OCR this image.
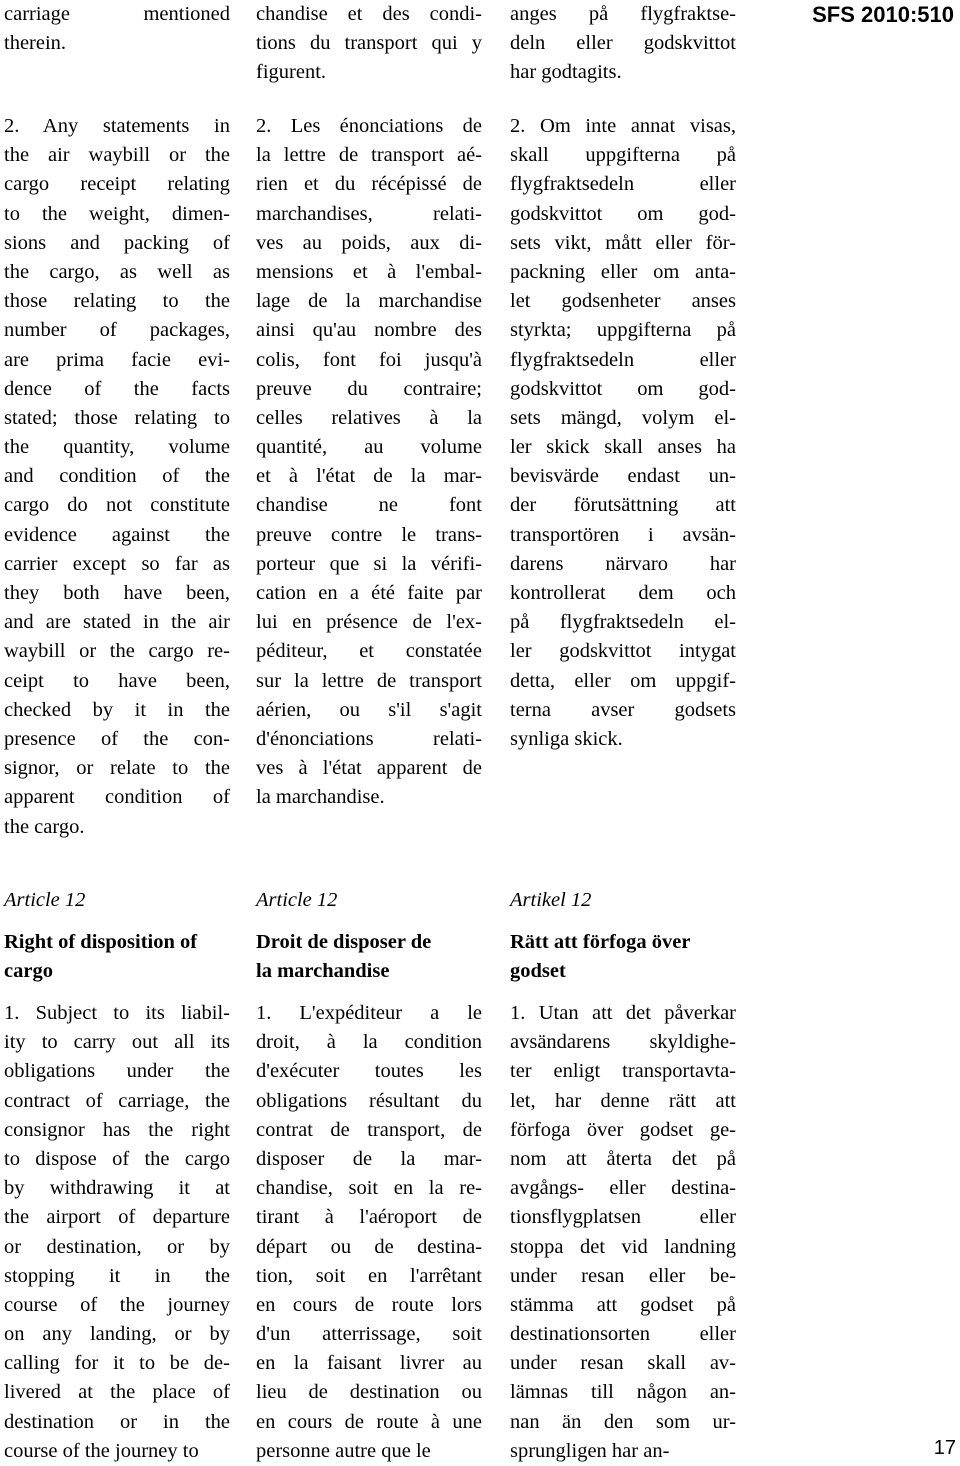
SFS 2010:510
17
carriage mentioned
therein.
2. Any statements in
the air waybill or the
cargo receipt relating
to the weight, dimen-
sions and packing of
the cargo, as well as
those relating to the
number of packages,
are prima facie evi-
dence of the facts
stated; those relating to
the quantity, volume
and condition of the
cargo do not constitute
evidence against the
carrier except so far as
they both have been,
and are stated in the air
waybill or the cargo re-
ceipt to have been,
checked by it in the
presence of the con-
signor, or relate to the
apparent condition of
the cargo.
Article 12
Right of disposition of
cargo
1. Subject to its liabil-
ity to carry out all its
obligations under the
contract of carriage, the
consignor has the right
to dispose of the cargo
by withdrawing it at
the airport of departure
or destination, or by
stopping it in the
course of the journey
on any landing, or by
calling for it to be de-
livered at the place of
destination or in the
course of the journey to
chandise et des condi-
tions du transport qui y
figurent.
2. Les énonciations de
la lettre de transport aé-
rien et du récépissé de
marchandises, relati-
ves au poids, aux di-
mensions et à l'embal-
lage de la marchandise
ainsi qu'au nombre des
colis, font foi jusqu'à
preuve du contraire;
celles relatives à la
quantité, au volume
et à l'état de la mar-
chandise ne font
preuve contre le trans-
porteur que si la vérifi-
cation en a été faite par
lui en présence de l'ex-
péditeur, et constatée
sur la lettre de transport
aérien, ou s'il s'agit
d'énonciations relati-
ves à l'état apparent de
la marchandise.
Article 12
Droit de disposer de
la marchandise
1. L'expéditeur a le
droit, à la condition
d'exécuter toutes les
obligations résultant du
contrat de transport, de
disposer de la mar-
chandise, soit en la re-
tirant à l'aéroport de
départ ou de destina-
tion, soit en l'arrêtant
en cours de route lors
d'un atterrissage, soit
en la faisant livrer au
lieu de destination ou
en cours de route à une
personne autre que le
anges på flygfraktse-
deln eller godskvittot
har godtagits.
2. Om inte annat visas,
skall uppgifterna på
flygfraktsedeln eller
godskvittot om god-
sets vikt, mått eller för-
packning eller om anta-
let godsenheter anses
styrkta; uppgifterna på
flygfraktsedeln eller
godskvittot om god-
sets mängd, volym el-
ler skick skall anses ha
bevisvärde endast un-
der förutsättning att
transportören i avsän-
darens närvaro har
kontrollerat dem och
på flygfraktsedeln el-
ler godskvittot intygat
detta, eller om uppgif-
terna avser godsets
synliga skick.
Artikel 12
Rätt att förfoga över
godset
1. Utan att det påverkar
avsändarens skyldighe-
ter enligt transportavta-
let, har denne rätt att
förfoga över godset ge-
nom att återta det på
avgångs- eller destina-
tionsflygplatsen eller
stoppa det vid landning
under resan eller be-
stämma att godset på
destinationsorten eller
under resan skall av-
lämnas till någon an-
nan än den som ur-
sprungligen har an-
